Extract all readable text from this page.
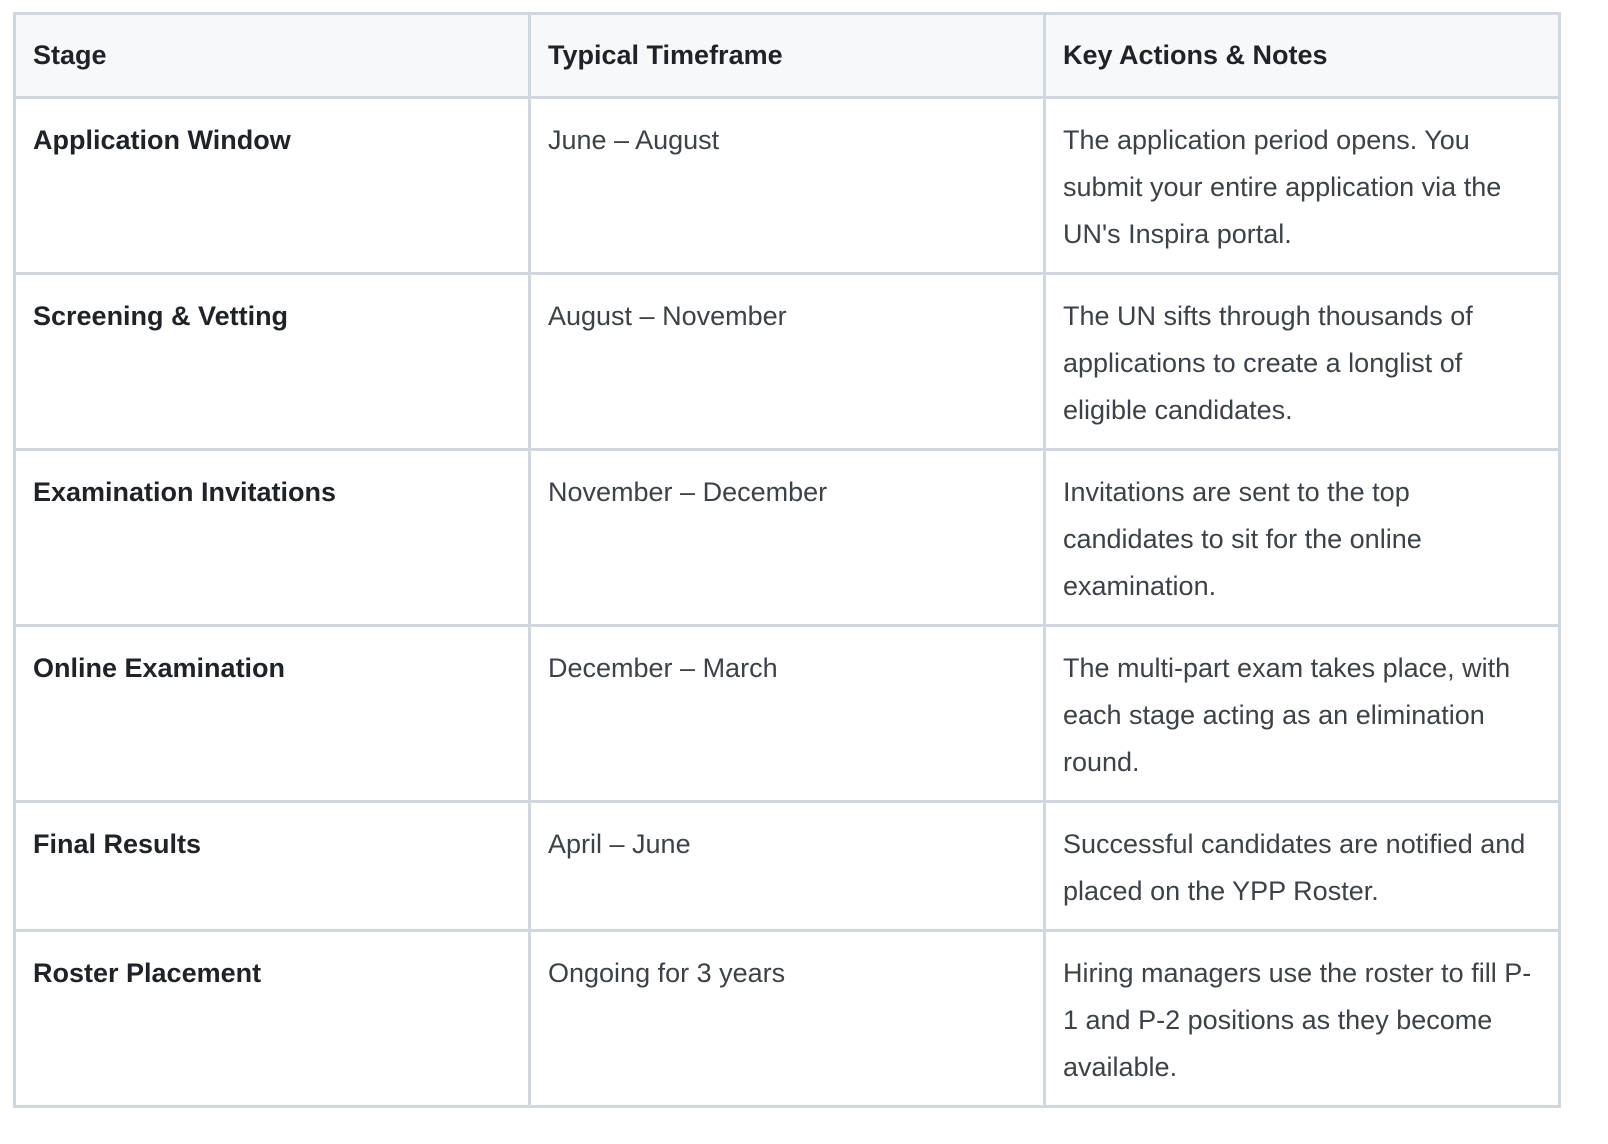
Stage	Typical Timeframe	Key Actions & Notes
Application Window	June – August	The application period opens. You submit your entire application via the UN's Inspira portal.
Screening & Vetting	August – November	The UN sifts through thousands of applications to create a longlist of eligible candidates.
Examination Invitations	November – December	Invitations are sent to the top candidates to sit for the online examination.
Online Examination	December – March	The multi-part exam takes place, with each stage acting as an elimination round.
Final Results	April – June	Successful candidates are notified and placed on the YPP Roster.
Roster Placement	Ongoing for 3 years	Hiring managers use the roster to fill P-1 and P-2 positions as they become available.
